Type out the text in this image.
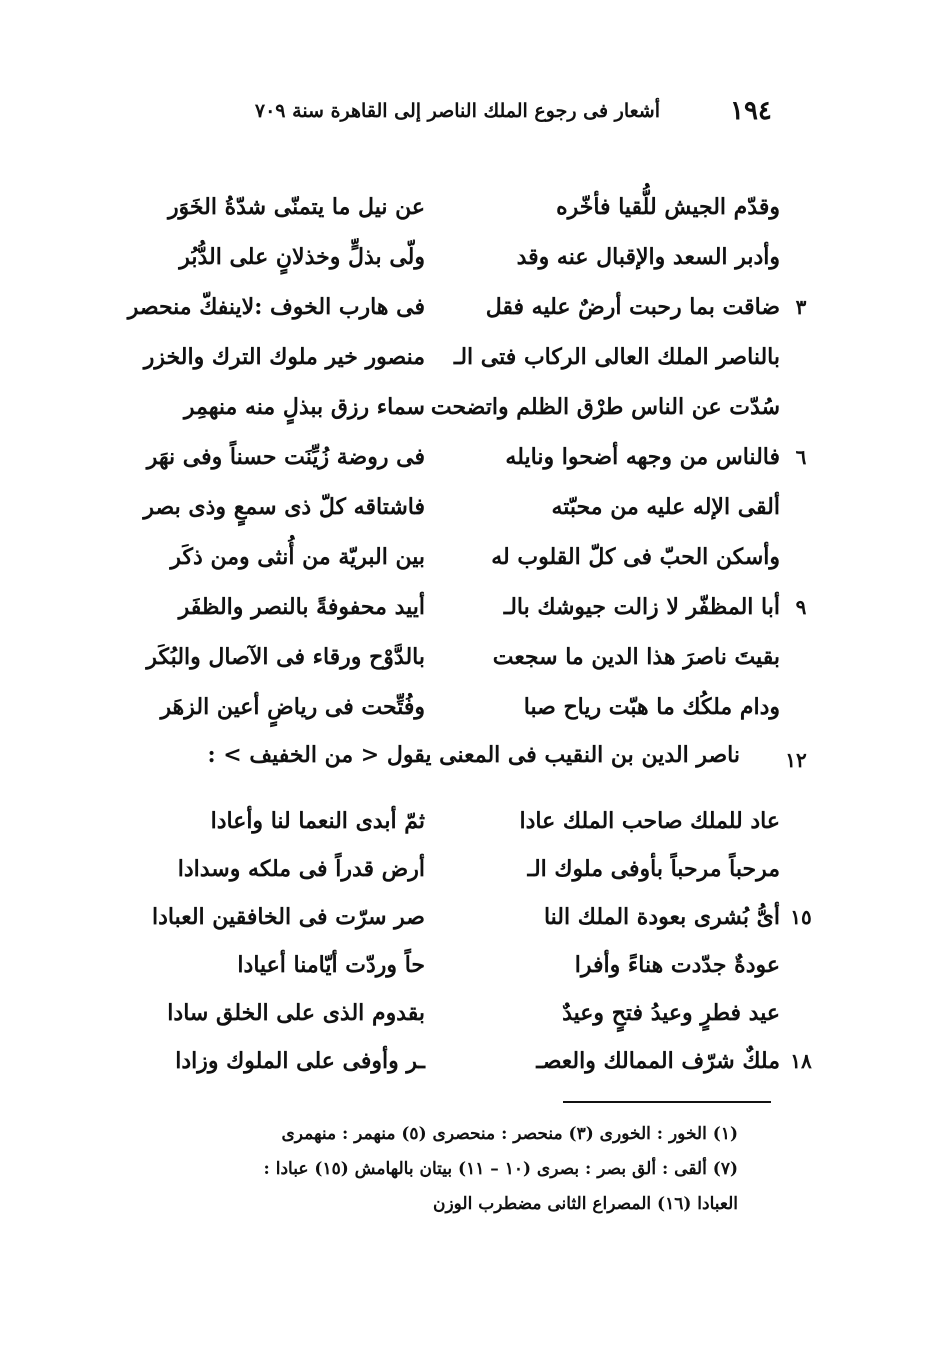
١٩٤
أشعار فى رجوع الملك الناصر إلى القاهرة سنة ٧٠٩
وقدّم الجيش للُّقيا فأخّره
عن نيل ما يتمنّى شدّةُ الخَوَر
وأدبر السعد والإقبال عنه وقد
ولّى بذلٍّ وخذلانٍ على الدُّبُر
٣
ضاقت بما رحبت أرضٌ عليه فقل
فى هارب الخوف :لاينفكّ منحصر
بالناصر الملك العالى الركاب فتى الـ
منصور خير ملوك الترك والخزر
سُدّت عن الناس طرْق الظلم واتضحت
سماء رزق ببذلٍ منه منهمِر
٦
فالناس من وجهه أضحوا ونايله
فى روضة زُيِّنَت حسناً وفى نهَر
ألقى الإله عليه من محبّته
فاشتاقه كلّ ذى سمعٍ وذى بصر
وأسكن الحبّ فى كلّ القلوب له
بين البريّة من أُنثى ومن ذكَر
٩
أبا المظفّر لا زالت جيوشك بالـ
أييد محفوفةً بالنصر والظفَر
بقيتَ ناصرَ هذا الدين ما سجعت
بالدَّوْح ورقاء فى الآصال والبُكَر
ودام ملكُك ما هبّت رياح صبا
وفُتِّحت فى رياضٍ أعين الزهَر
١٢
ناصر الدين بن النقيب فى المعنى يقول < من الخفيف > :
عاد للملك صاحب الملك عادا
ثمّ أبدى النعما لنا وأعادا
مرحباً مرحباً بأوفى ملوك الـ
أرض قدراً فى ملكه وسدادا
١٥
أىُّ بُشرى بعودة الملك النا
صر سرّت فى الخافقين العبادا
عودةٌ جدّدت هناءً وأفرا
حاً وردّت أيّامنا أعيادا
عيد فطرٍ وعيدُ فتحٍ وعيدٌ
بقدوم الذى على الخلق سادا
١٨
ملكٌ شرّف الممالك والعصـ
ـر وأوفى على الملوك وزادا
(١) الخور : الخورى (٣) منحصر : منحصرى (٥) منهمر : منهمرى
(٧) ألقى : ألق بصر : بصرى (١٠ – ١١) بيتان بالهامش (١٥) عبادا :
العبادا (١٦) المصراع الثانى مضطرب الوزن
